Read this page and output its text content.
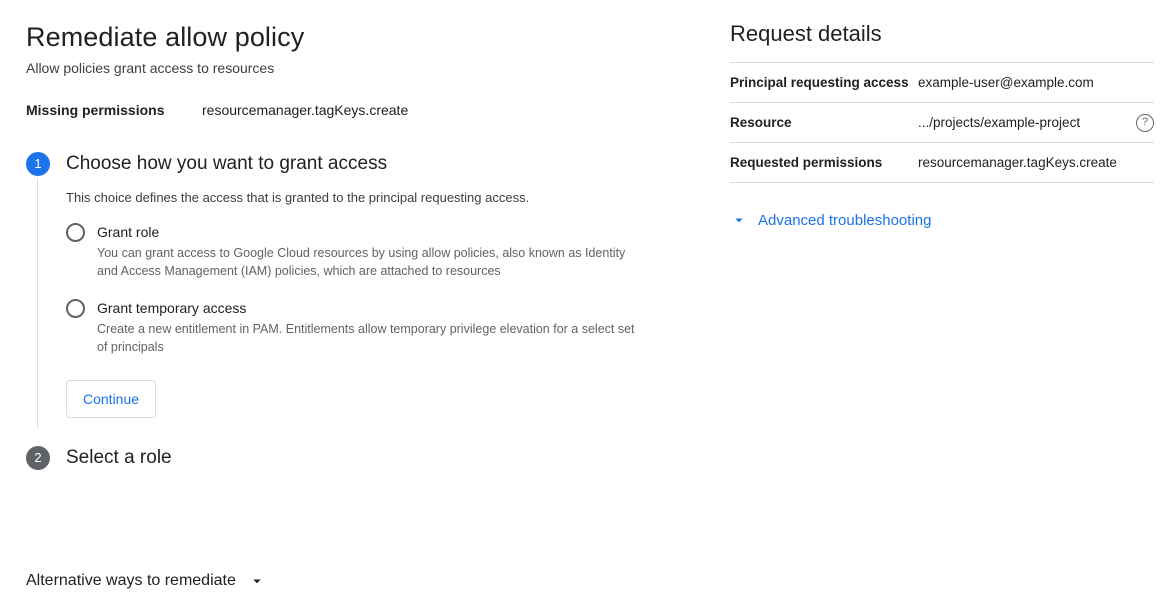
Remediate allow policy
Allow policies grant access to resources
Missing permissions	resourcemanager.tagKeys.create
1	Choose how you want to grant access

This choice defines the access that is granted to the principal requesting access.

Grant role
You can grant access to Google Cloud resources by using allow policies, also known as Identity and Access Management (IAM) policies, which are attached to resources
Grant temporary access
Create a new entitlement in PAM. Entitlements allow temporary privilege elevation for a select set of principals
Continue
2	Select a role
Alternative ways to remediate
Request details
Principal requesting access	example-user@example.com
Resource	.../projects/example-project ?

Requested permissions	resourcemanager.tagKeys.create
Advanced troubleshooting
